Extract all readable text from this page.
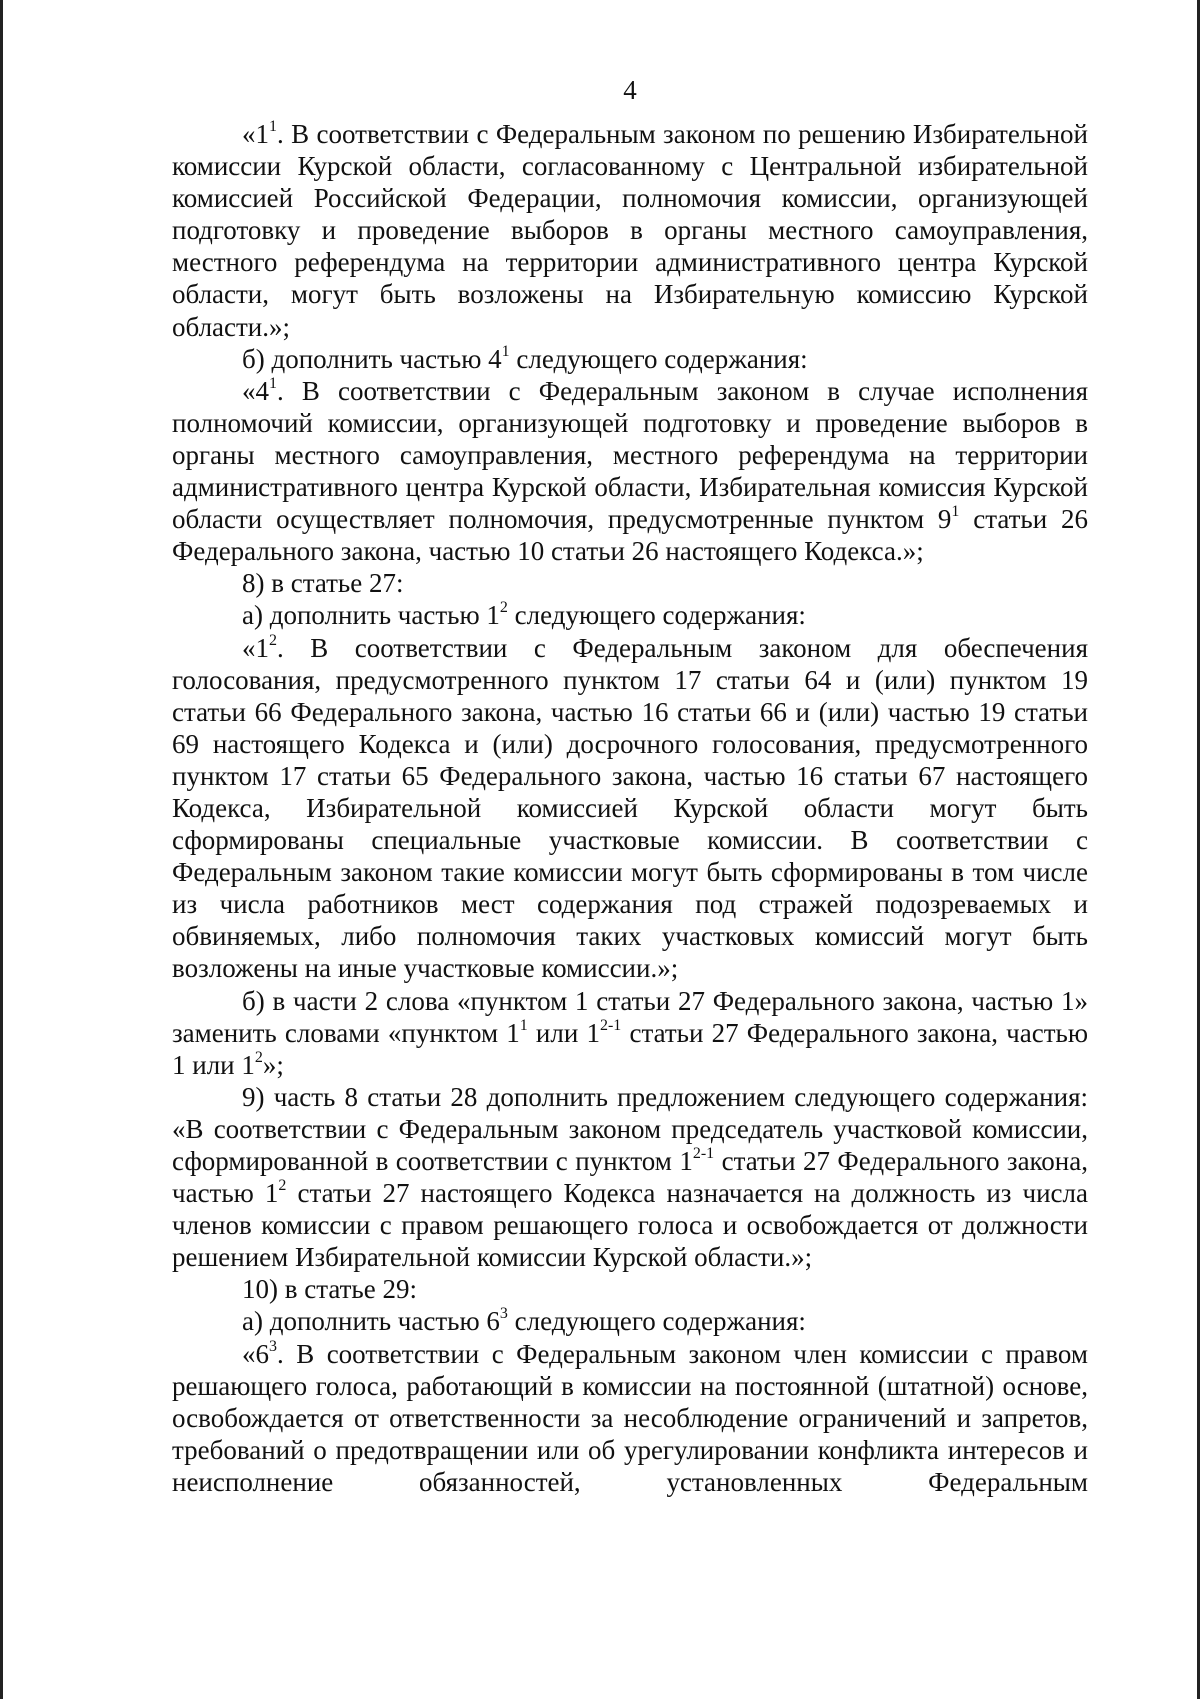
4

«$1^1$. В соответствии с Федеральным законом по решению Избирательной комиссии Курской области, согласованному с Центральной избирательной комиссией Российской Федерации, полномочия комиссии, организующей подготовку и проведение выборов в органы местного самоуправления, местного референдума на территории административного центра Курской области, могут быть возложены на Избирательную комиссию Курской области.»;

б) дополнить частью $4^1$ следующего содержания:

«$4^1$. В соответствии с Федеральным законом в случае исполнения полномочий комиссии, организующей подготовку и проведение выборов в органы местного самоуправления, местного референдума на территории административного центра Курской области, Избирательная комиссия Курской области осуществляет полномочия, предусмотренные пунктом $9^1$ статьи 26 Федерального закона, частью 10 статьи 26 настоящего Кодекса.»;

8) в статье 27:

а) дополнить частью $1^2$ следующего содержания:

«$1^2$. В соответствии с Федеральным законом для обеспечения голосования, предусмотренного пунктом 17 статьи 64 и (или) пунктом 19 статьи 66 Федерального закона, частью 16 статьи 66 и (или) частью 19 статьи 69 настоящего Кодекса и (или) досрочного голосования, предусмотренного пунктом 17 статьи 65 Федерального закона, частью 16 статьи 67 настоящего Кодекса, Избирательной комиссией Курской области могут быть сформированы специальные участковые комиссии. В соответствии с Федеральным законом такие комиссии могут быть сформированы в том числе из числа работников мест содержания под стражей подозреваемых и обвиняемых, либо полномочия таких участковых комиссий могут быть возложены на иные участковые комиссии.»;

б) в части 2 слова «пунктом 1 статьи 27 Федерального закона, частью 1» заменить словами «пунктом $1^1$ или 1$^{2-1}$ статьи 27 Федерального закона, частью 1 или $1^2$»;

9) часть 8 статьи 28 дополнить предложением следующего содержания: «В соответствии с Федеральным законом председатель участковой комиссии, сформированной в соответствии с пунктом 1$^{2-1}$ статьи 27 Федерального закона, частью $1^2$ статьи 27 настоящего Кодекса назначается на должность из числа членов комиссии с правом решающего голоса и освобождается от должности решением Избирательной комиссии Курской области.»;

10) в статье 29:

а) дополнить частью $6^3$ следующего содержания:

«$6^3$. В соответствии с Федеральным законом член комиссии с правом решающего голоса, работающий в комиссии на постоянной (штатной) основе, освобождается от ответственности за несоблюдение ограничений и запретов, требований о предотвращении или об урегулировании конфликта интересов и неисполнение обязанностей, установленных Федеральным
